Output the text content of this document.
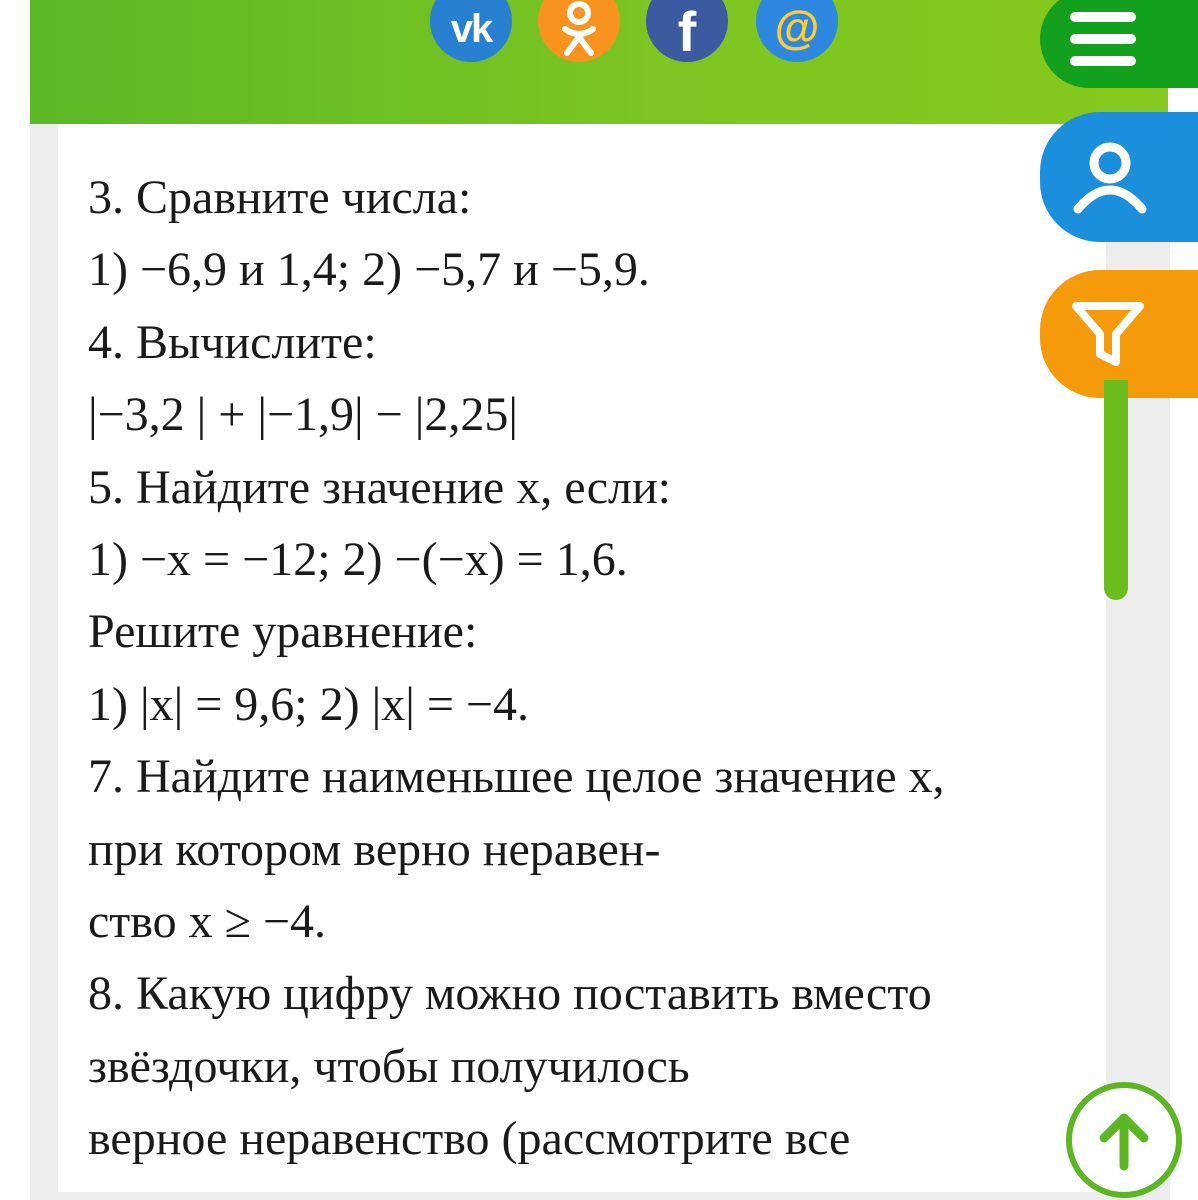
vk	f @
3. Сравните числа:
1) −6,9 и 1,4; 2) −5,7 и −5,9.
4. Вычислите:
|−3,2 | + |−1,9| − |2,25|
5. Найдите значение x, если:
1) −x = −12; 2) −(−x) = 1,6.
Решите уравнение:
1) |x| = 9,6; 2) |x| = −4.
7. Найдите наименьшее целое значение x,
при котором верно неравен-
ство x ≥ −4.
8. Какую цифру можно поставить вместо
звёздочки, чтобы получилось
верное неравенство (рассмотрите все
